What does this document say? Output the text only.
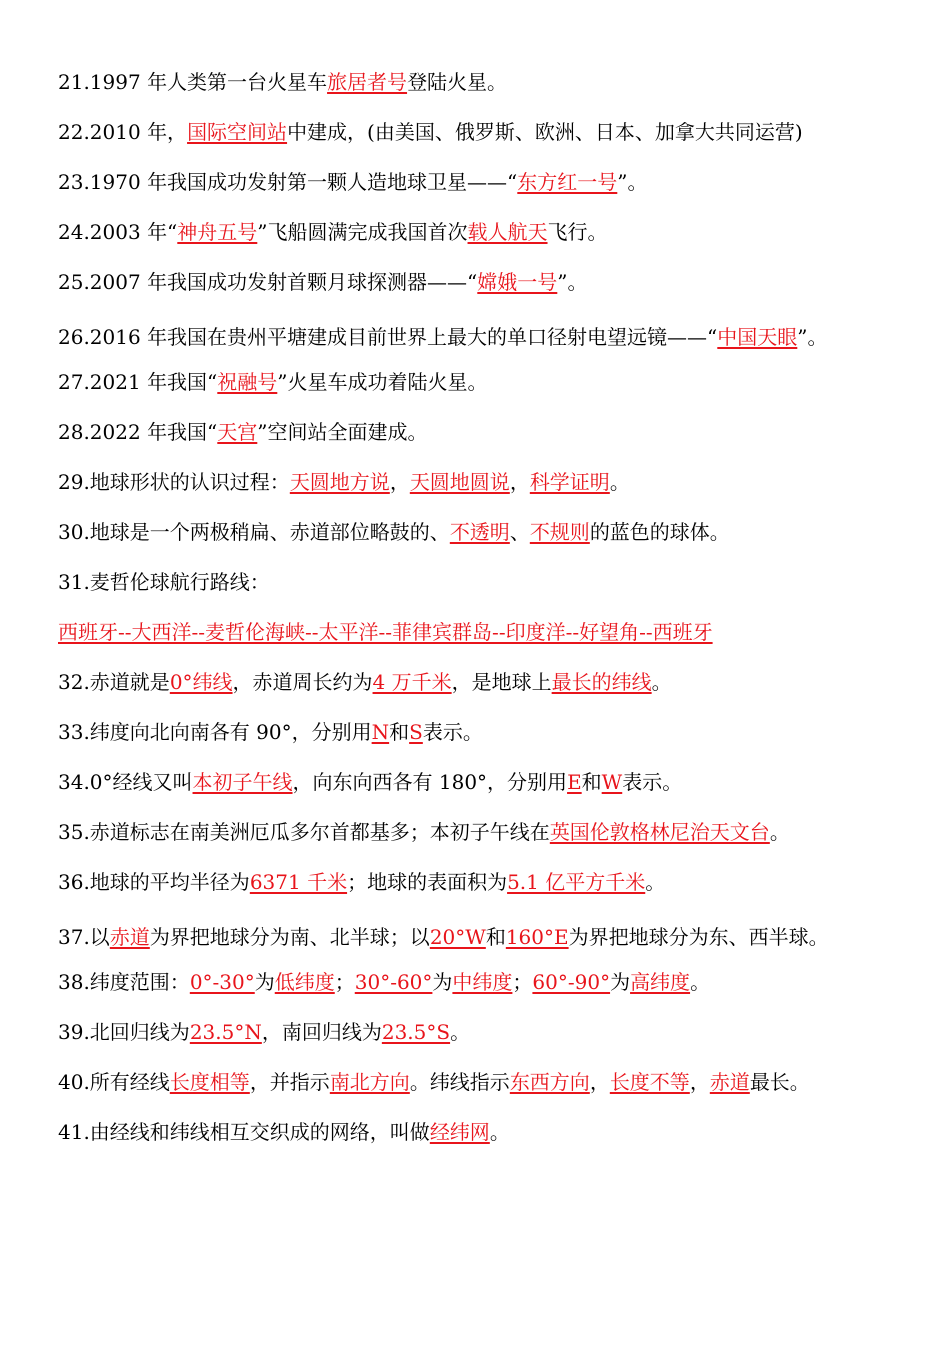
21.1997 年人类第一台火星车旅居者号登陆火星。
22.2010 年，国际空间站中建成，(由美国、俄罗斯、欧洲、日本、加拿大共同运营)
23.1970 年我国成功发射第一颗人造地球卫星——“东方红一号”。
24.2003 年“神舟五号”飞船圆满完成我国首次载人航天飞行。
25.2007 年我国成功发射首颗月球探测器——“嫦娥一号”。
26.2016 年我国在贵州平塘建成目前世界上最大的单口径射电望远镜——“中国天眼”。
27.2021 年我国“祝融号”火星车成功着陆火星。
28.2022 年我国“天宫”空间站全面建成。
29.地球形状的认识过程：天圆地方说，天圆地圆说，科学证明。
30.地球是一个两极稍扁、赤道部位略鼓的、不透明、不规则的蓝色的球体。
31.麦哲伦球航行路线：
西班牙--大西洋--麦哲伦海峡--太平洋--菲律宾群岛--印度洋--好望角--西班牙
32.赤道就是0°纬线，赤道周长约为4 万千米，是地球上最长的纬线。
33.纬度向北向南各有 90°，分别用N和S表示。
34.0°经线又叫本初子午线，向东向西各有 180°，分别用E和W表示。
35.赤道标志在南美洲厄瓜多尔首都基多；本初子午线在英国伦敦格林尼治天文台。
36.地球的平均半径为6371 千米；地球的表面积为5.1 亿平方千米。
37.以赤道为界把地球分为南、北半球；以20°W和160°E为界把地球分为东、西半球。
38.纬度范围：0°-30°为低纬度；30°-60°为中纬度；60°-90°为高纬度。
39.北回归线为23.5°N，南回归线为23.5°S。
40.所有经线长度相等，并指示南北方向。纬线指示东西方向，长度不等，赤道最长。
41.由经线和纬线相互交织成的网络，叫做经纬网。
